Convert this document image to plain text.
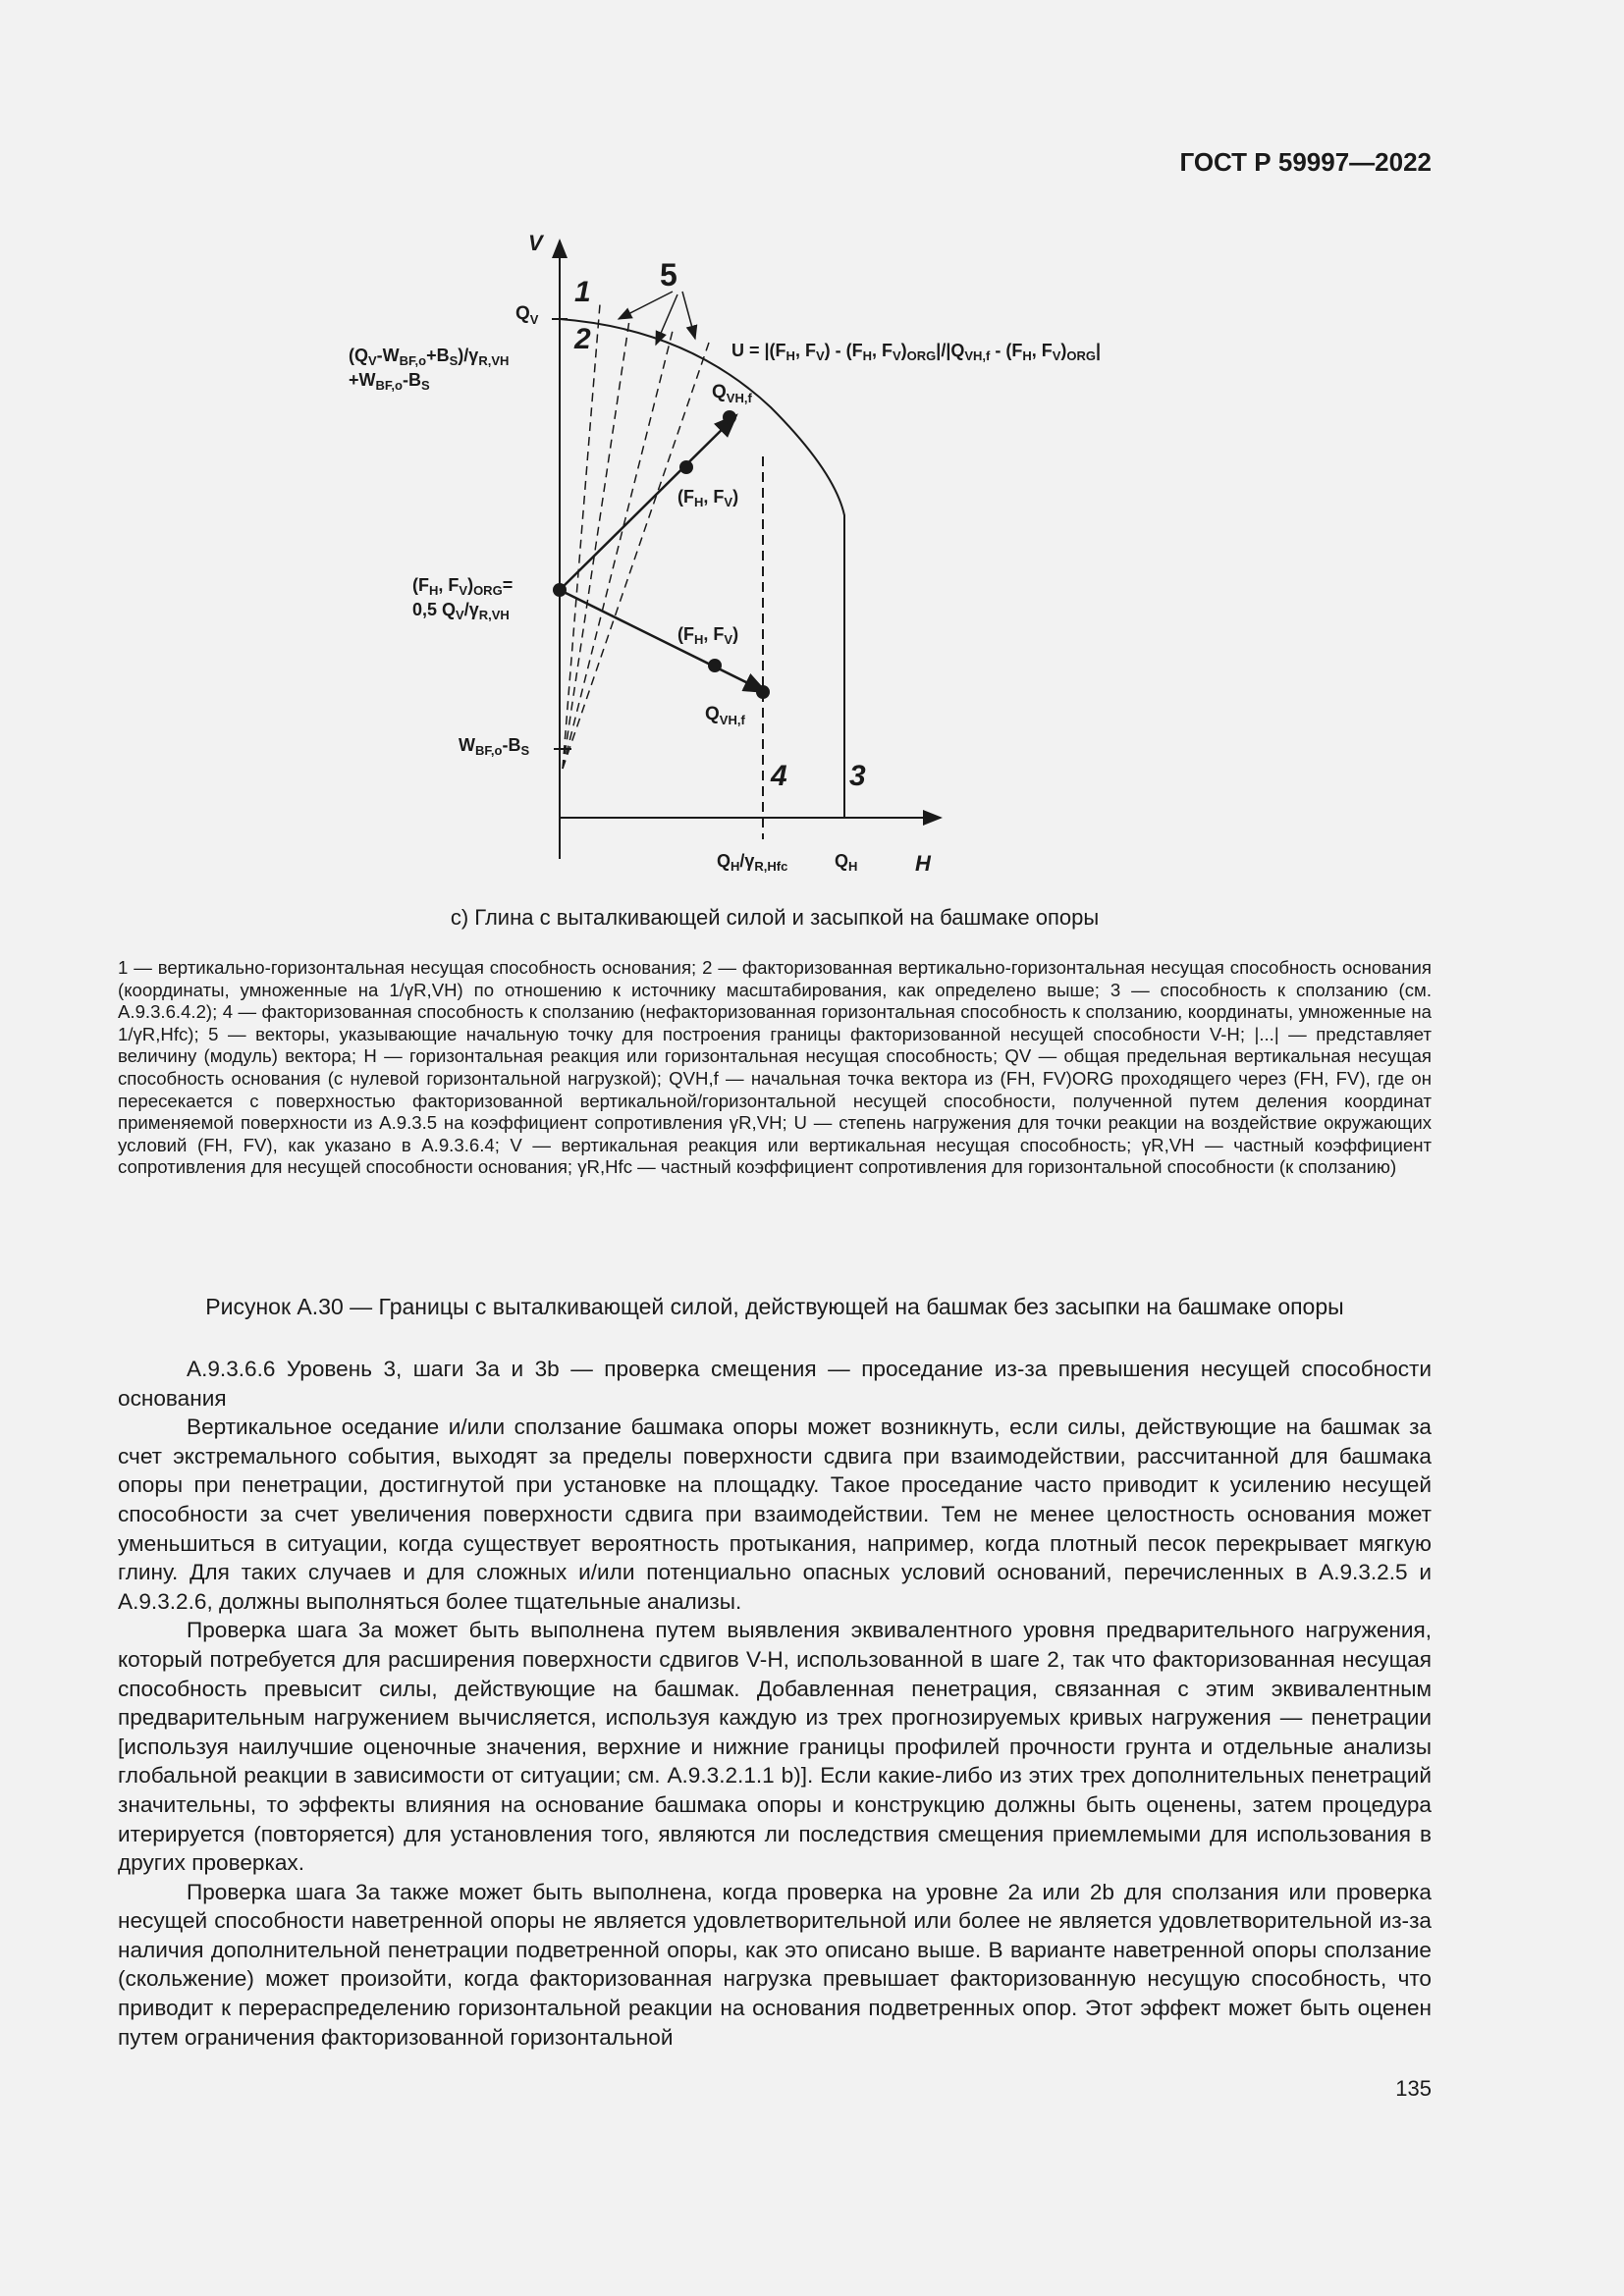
ГОСТ Р 59997—2022
V
H
$Q_V$
1
2
5
3
4
$(Q_V-W_{BF,o}+B_S)/\gamma_{R,VH}$
$+W_{BF,o}-B_S$
$U = |(F_H$, $F_V) - (F_H$, $F_V)_{ORG}|/|Q_{VH,f} - (F_H$, $F_V)_{ORG}|$
$Q_{VH,f}$
($F_H$, $F_V$)
($F_H$, $F_V$)
$Q_{VH,f}$
($F_H$, $F_V)_{ORG}=$
0,5 $Q_V/\gamma_{R,VH}$
$W_{BF,o}-B_S$
$Q_H/\gamma_{R,Hfc}$	$Q_H$
c) Глина с выталкивающей силой и засыпкой на башмаке опоры
1 — вертикально-горизонтальная несущая способность основания; 2 — факторизованная вертикально-горизонтальная несущая способность основания (координаты, умноженные на 1/γR,VH) по отношению к источнику масштабирования, как определено выше; 3 — способность к сползанию (см. А.9.3.6.4.2); 4 — факторизованная способность к сползанию (нефакторизованная горизонтальная способность к сползанию, координаты, умноженные на 1/γR,Hfc); 5 — векторы, указывающие начальную точку для построения границы факторизованной несущей способности V-H; |...| — представляет величину (модуль) вектора; H — горизонтальная реакция или горизонтальная несущая способность; QV — общая предельная вертикальная несущая способность основания (с нулевой горизонтальной нагрузкой); QVH,f — начальная точка вектора из (FH, FV)ORG проходящего через (FH, FV), где он пересекается с поверхностью факторизованной вертикальной/горизонтальной несущей способности, полученной путем деления координат применяемой поверхности из А.9.3.5 на коэффициент сопротивления γR,VH; U — степень нагружения для точки реакции на воздействие окружающих условий (FH, FV), как указано в А.9.3.6.4; V — вертикальная реакция или вертикальная несущая способность; γR,VH — частный коэффициент сопротивления для несущей способности основания; γR,Hfc — частный коэффициент сопротивления для горизонтальной способности (к сползанию)
Рисунок А.30 — Границы с выталкивающей силой, действующей на башмак без засыпки на башмаке опоры

А.9.3.6.6 Уровень 3, шаги 3а и 3b — проверка смещения — проседание из-за превышения несущей способности основания

Вертикальное оседание и/или сползание башмака опоры может возникнуть, если силы, действующие на башмак за счет экстремального события, выходят за пределы поверхности сдвига при взаимодействии, рассчитанной для башмака опоры при пенетрации, достигнутой при установке на площадку. Такое проседание часто приводит к усилению несущей способности за счет увеличения поверхности сдвига при взаимодействии. Тем не менее целостность основания может уменьшиться в ситуации, когда существует вероятность протыкания, например, когда плотный песок перекрывает мягкую глину. Для таких случаев и для сложных и/или потенциально опасных условий оснований, перечисленных в А.9.3.2.5 и А.9.3.2.6, должны выполняться более тщательные анализы.

Проверка шага 3а может быть выполнена путем выявления эквивалентного уровня предварительного нагружения, который потребуется для расширения поверхности сдвигов V-H, использованной в шаге 2, так что факторизованная несущая способность превысит силы, действующие на башмак. Добавленная пенетрация, связанная с этим эквивалентным предварительным нагружением вычисляется, используя каждую из трех прогнозируемых кривых нагружения — пенетрации [используя наилучшие оценочные значения, верхние и нижние границы профилей прочности грунта и отдельные анализы глобальной реакции в зависимости от ситуации; см. А.9.3.2.1.1 b)]. Если какие-либо из этих трех дополнительных пенетраций значительны, то эффекты влияния на основание башмака опоры и конструкцию должны быть оценены, затем процедура итерируется (повторяется) для установления того, являются ли последствия смещения приемлемыми для использования в других проверках.

Проверка шага 3а также может быть выполнена, когда проверка на уровне 2а или 2b для сползания или проверка несущей способности наветренной опоры не является удовлетворительной или более не является удовлетворительной из-за наличия дополнительной пенетрации подветренной опоры, как это описано выше. В варианте наветренной опоры сползание (скольжение) может произойти, когда факторизованная нагрузка превышает факторизованную несущую способность, что приводит к перераспределению горизонтальной реакции на основания подветренных опор. Этот эффект может быть оценен путем ограничения факторизованной горизонтальной

135
